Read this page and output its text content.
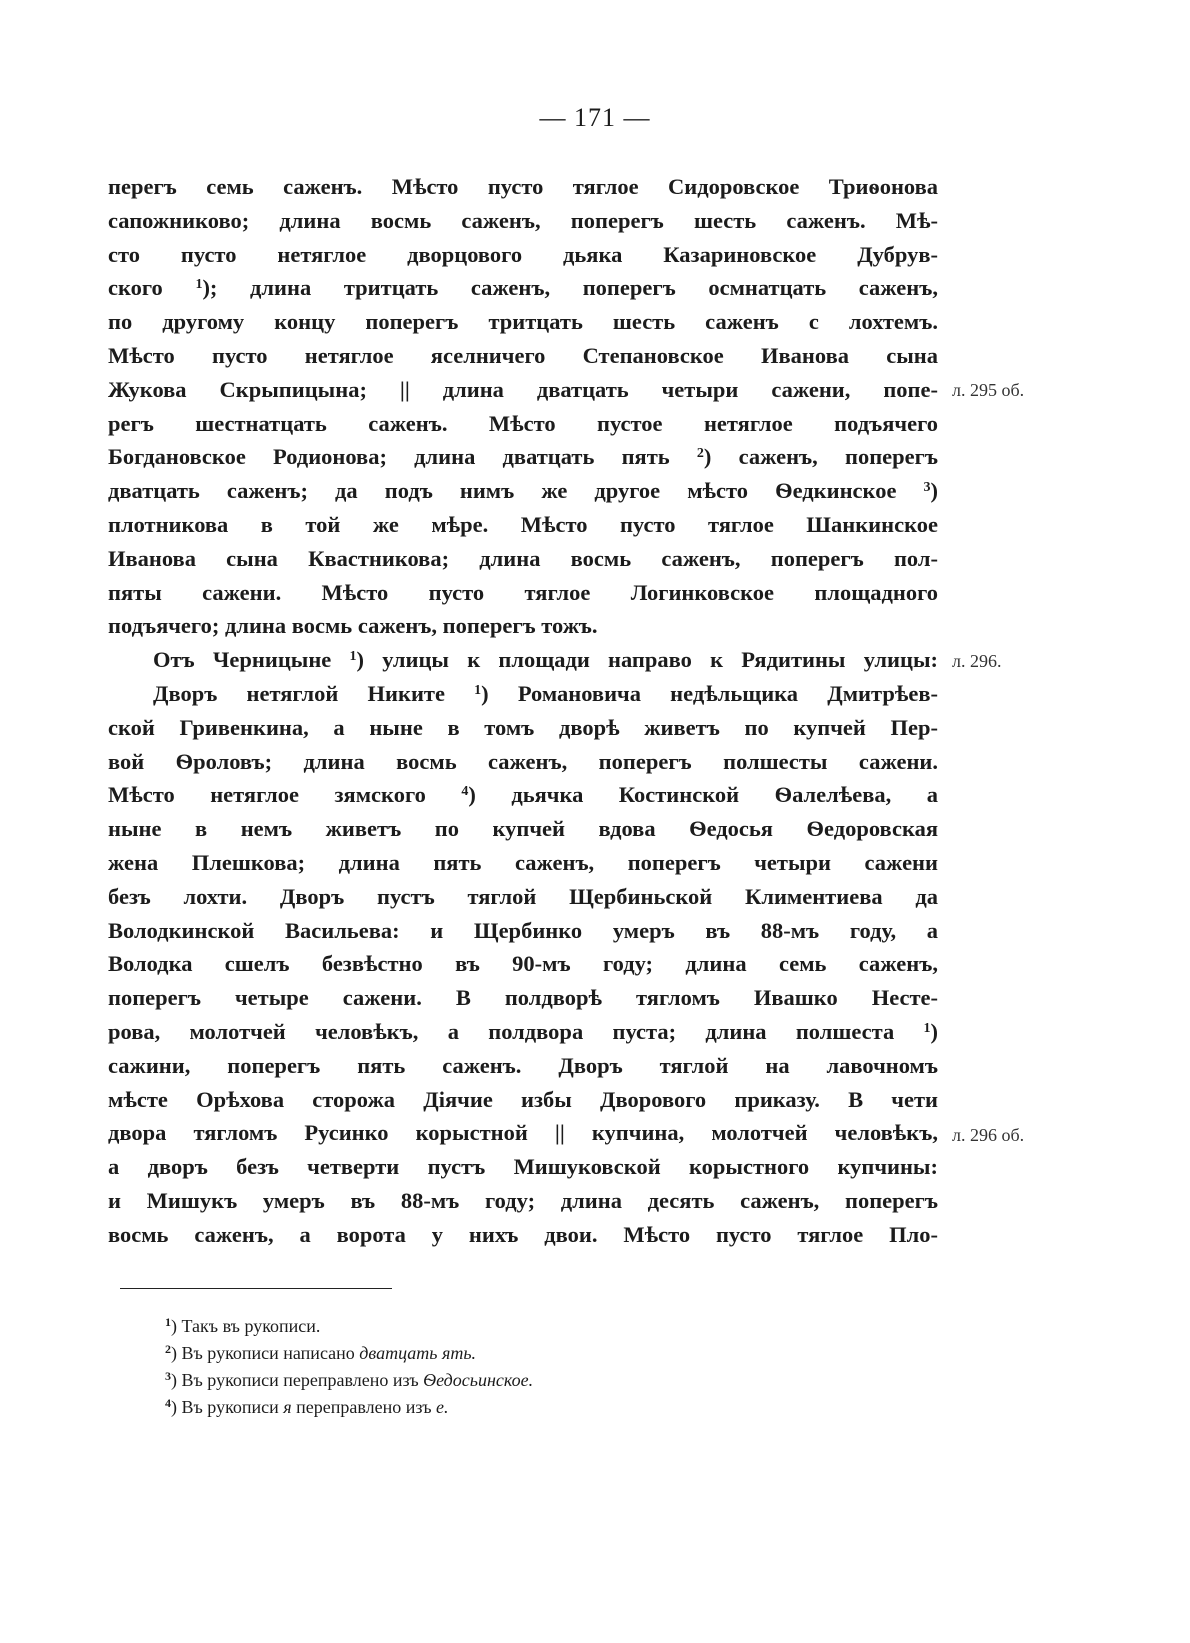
— 171 —
перегъ семь саженъ. Мѣсто пусто тяглое Сидоровское Триѳонова
сапожниково; длина восмь саженъ, поперегъ шесть саженъ. Мѣ-
сто пусто нетяглое дворцового дьяка Казариновское Дубрув-
ского $^1$); длина тритцать саженъ, поперегъ осмнатцать саженъ,
по другому концу поперегъ тритцать шесть саженъ с лохтемъ.
Мѣсто пусто нетяглое яселничего Степановское Иванова сына
Жукова Скрыпицына; || длина дватцать четыри сажени, попе-
регъ шестнатцать саженъ. Мѣсто пустое нетяглое подъячего
Богдановское Родионова; длина дватцать пять $^2$) саженъ, поперегъ
дватцать саженъ; да подъ нимъ же другое мѣсто Ѳедкинское $^3$)
плотникова в той же мѣре. Мѣсто пусто тяглое Шанкинское
Иванова сына Квастникова; длина восмь саженъ, поперегъ пол-
пяты сажени. Мѣсто пусто тяглое Логинковское площадного
подъячего; длина восмь саженъ, поперегъ тожъ.
Отъ Черницыне $^1$) улицы к площади направо к Рядитины улицы:
Дворъ нетяглой Никите $^1$) Романовича недѣльщика Дмитрѣев-
ской Гривенкина, а ныне в томъ дворѣ живетъ по купчей Пер-
вой Ѳроловъ; длина восмь саженъ, поперегъ полшесты сажени.
Мѣсто нетяглое зямского $^4$) дьячка Костинской Ѳалелѣева, а
ныне в немъ живетъ по купчей вдова Ѳедосья Ѳедоровская
жена Плешкова; длина пять саженъ, поперегъ четыри сажени
безъ лохти. Дворъ пустъ тяглой Щербиньской Климентиева да
Володкинской Васильева: и Щербинко умеръ въ 88-мъ году, а
Володка сшелъ безвѣстно въ 90-мъ году; длина семь саженъ,
поперегъ четыре сажени. В полдворѣ тягломъ Ивашко Несте-
рова, молотчей человѣкъ, а полдвора пуста; длина полшеста $^1$)
сажини, поперегъ пять саженъ. Дворъ тяглой на лавочномъ
мѣсте Орѣхова сторожа Діячие избы Дворового приказу. В чети
двора тягломъ Русинко корыстной || купчина, молотчей человѣкъ,
а дворъ безъ четверти пустъ Мишуковской корыстного купчины:
и Мишукъ умеръ въ 88-мъ году; длина десять саженъ, поперегъ
восмь саженъ, а ворота у нихъ двои. Мѣсто пусто тяглое Пло-
л. 295 об.
л. 296.
л. 296 об.
$^1$) Такъ въ рукописи.
$^2$) Въ рукописи написано дватцать ять.
$^3$) Въ рукописи переправлено изъ Ѳедосьинское.
$^4$) Въ рукописи я переправлено изъ е.
